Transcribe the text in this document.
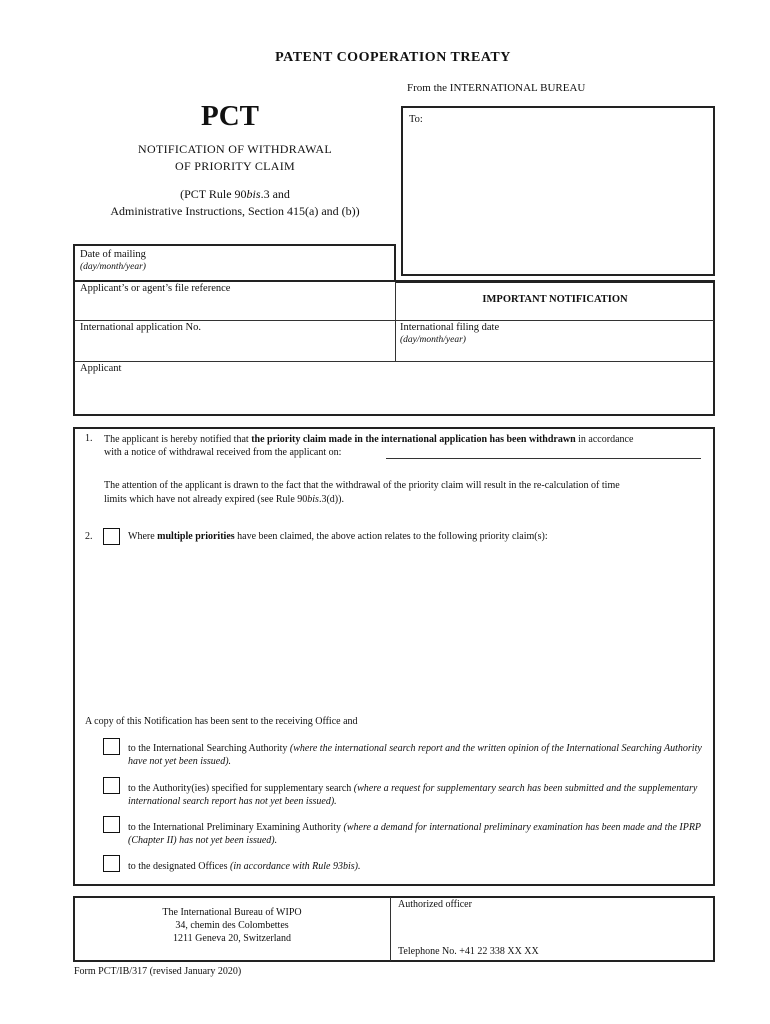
PATENT COOPERATION TREATY
From the INTERNATIONAL BUREAU
PCT
NOTIFICATION OF WITHDRAWAL
OF PRIORITY CLAIM
(PCT Rule 90bis.3 and
Administrative Instructions, Section 415(a) and (b))
To:
Date of mailing
(day/month/year)
Applicant’s or agent’s file reference
IMPORTANT NOTIFICATION
International application No.	International filing date
(day/month/year)
Applicant
1. The applicant is hereby notified that the priority claim made in the international application has been withdrawn in accordance
with a notice of withdrawal received from the applicant on:
The attention of the applicant is drawn to the fact that the withdrawal of the priority claim will result in the re-calculation of time
limits which have not already expired (see Rule 90bis.3(d)).
2.	Where multiple priorities have been claimed, the above action relates to the following priority claim(s):
A copy of this Notification has been sent to the receiving Office and
to the International Searching Authority (where the international search report and the written opinion of the International Searching Authority have not yet been issued).
to the Authority(ies) specified for supplementary search (where a request for supplementary search has been submitted and the supplementary international search report has not yet been issued).
to the International Preliminary Examining Authority (where a demand for international preliminary examination has been made and the IPRP (Chapter II) has not yet been issued).
to the designated Offices (in accordance with Rule 93bis).
The International Bureau of WIPO
34, chemin des Colombettes
1211 Geneva 20, Switzerland
Authorized officer
Telephone No. +41 22 338 XX XX
Form PCT/IB/317 (revised January 2020)
